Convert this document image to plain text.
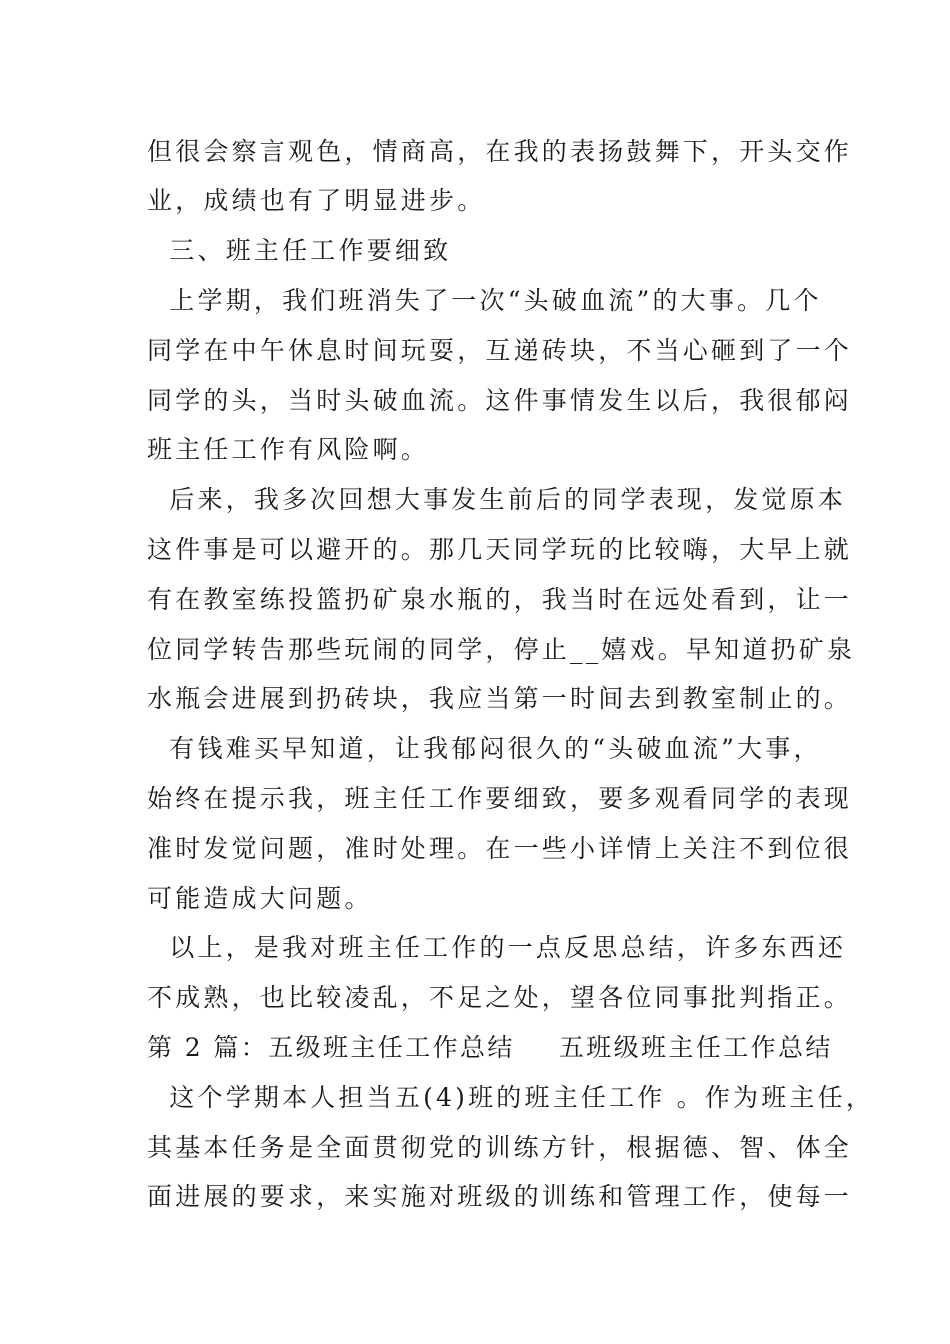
但很会察言观色，情商高，在我的表扬鼓舞下，开头交作

业，成绩也有了明显进步。

三、班主任工作要细致

上学期，我们班消失了一次“头破血流”的大事。几个

同学在中午休息时间玩耍，互递砖块，不当心砸到了一个

同学的头，当时头破血流。这件事情发生以后，我很郁闷

班主任工作有风险啊。

后来，我多次回想大事发生前后的同学表现，发觉原本

这件事是可以避开的。那几天同学玩的比较嗨，大早上就

有在教室练投篮扔矿泉水瓶的，我当时在远处看到，让一

位同学转告那些玩闹的同学，停止__嬉戏。早知道扔矿泉

水瓶会进展到扔砖块，我应当第一时间去到教室制止的。

有钱难买早知道，让我郁闷很久的“头破血流”大事，

始终在提示我，班主任工作要细致，要多观看同学的表现

准时发觉问题，准时处理。在一些小详情上关注不到位很

可能造成大问题。

以上，是我对班主任工作的一点反思总结，许多东西还

不成熟，也比较凌乱，不足之处，望各位同事批判指正。

第 2 篇：五级班主任工作总结 五班级班主任工作总结

这个学期本人担当五(4)班的班主任工作 。作为班主任，

其基本任务是全面贯彻党的训练方针，根据德、智、体全

面进展的要求，来实施对班级的训练和管理工作，使每一
